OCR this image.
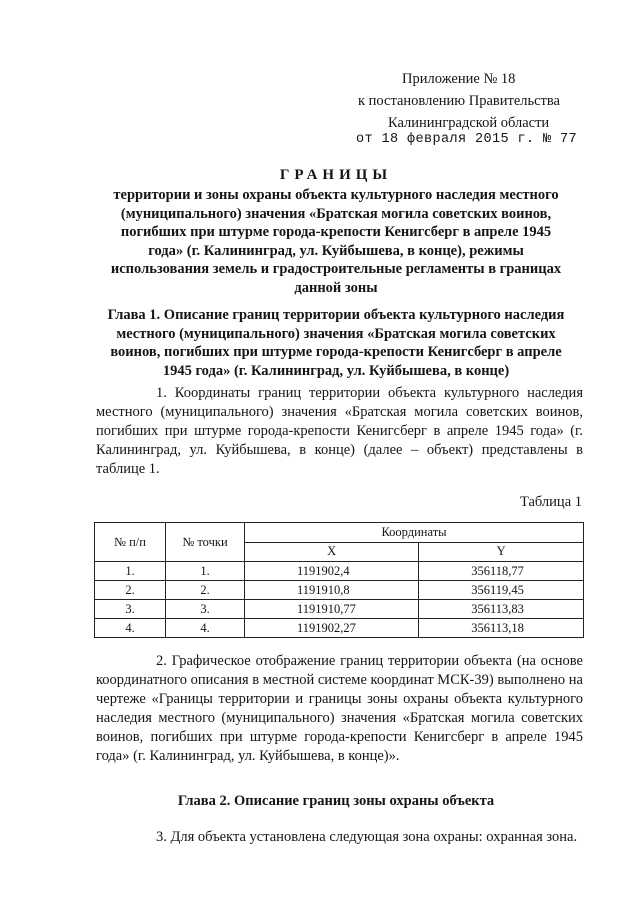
Приложение № 18
к постановлению Правительства
Калининградской области
от 18 февраля 2015 г. № 77
ГРАНИЦЫ
территории и зоны охраны объекта культурного наследия местного
(муниципального) значения «Братская могила советских воинов,
погибших при штурме города-крепости Кенигсберг в апреле 1945
года» (г. Калининград, ул. Куйбышева, в конце), режимы
использования земель и градостроительные регламенты в границах
данной зоны
Глава 1. Описание границ территории объекта культурного наследия
местного (муниципального) значения «Братская могила советских
воинов, погибших при штурме города-крепости Кенигсберг в апреле
1945 года» (г. Калининград, ул. Куйбышева, в конце)
1. Координаты границ территории объекта культурного наследия местного (муниципального) значения «Братская могила советских воинов, погибших при штурме города-крепости Кенигсберг в апреле 1945 года» (г. Калининград, ул. Куйбышева, в конце) (далее – объект) представлены в таблице 1.
Таблица 1
№ п/п	№ точки	Координаты	
		X	Y
1.	1.	1191902,4	356118,77
2.	2.	1191910,8	356119,45
3.	3.	1191910,77	356113,83
4.	4.	1191902,27	356113,18
2. Графическое отображение границ территории объекта (на основе координатного описания в местной системе координат МСК-39) выполнено на чертеже «Границы территории и границы зоны охраны объекта культурного наследия местного (муниципального) значения «Братская могила советских воинов, погибших при штурме города-крепости Кенигсберг в апреле 1945 года» (г. Калининград, ул. Куйбышева, в конце)».
Глава 2. Описание границ зоны охраны объекта
3. Для объекта установлена следующая зона охраны: охранная зона.
